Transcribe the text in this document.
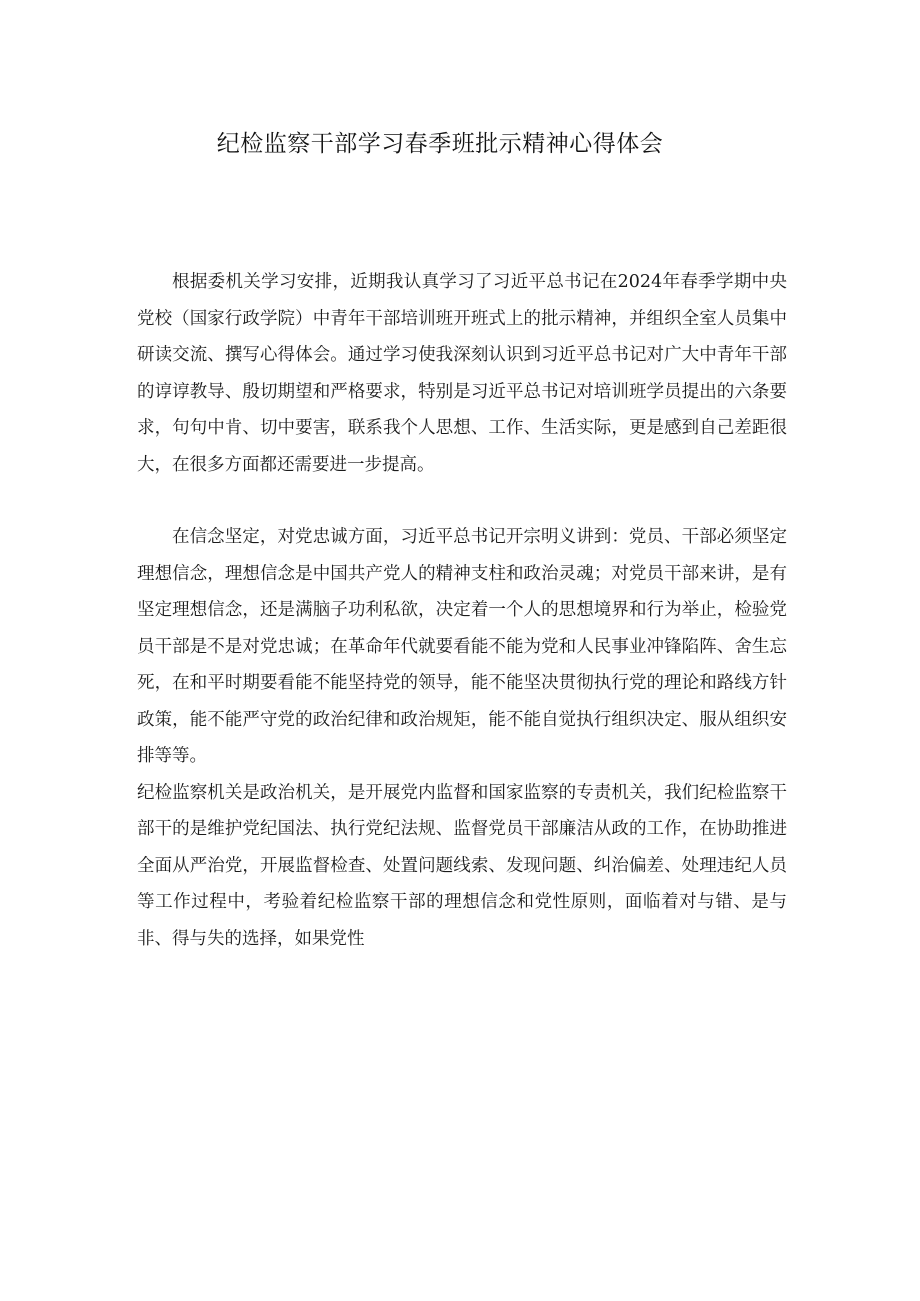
纪检监察干部学习春季班批示精神心得体会

根据委机关学习安排，近期我认真学习了习近平总书记在2024年春季学期中央党校（国家行政学院）中青年干部培训班开班式上的批示精神，并组织全室人员集中研读交流、撰写心得体会。通过学习使我深刻认识到习近平总书记对广大中青年干部的谆谆教导、殷切期望和严格要求，特别是习近平总书记对培训班学员提出的六条要求，句句中肯、切中要害，联系我个人思想、工作、生活实际，更是感到自己差距很大，在很多方面都还需要进一步提高。

在信念坚定，对党忠诚方面，习近平总书记开宗明义讲到：党员、干部必须坚定理想信念，理想信念是中国共产党人的精神支柱和政治灵魂；对党员干部来讲，是有坚定理想信念，还是满脑子功利私欲，决定着一个人的思想境界和行为举止，检验党员干部是不是对党忠诚；在革命年代就要看能不能为党和人民事业冲锋陷阵、舍生忘死，在和平时期要看能不能坚持党的领导，能不能坚决贯彻执行党的理论和路线方针政策，能不能严守党的政治纪律和政治规矩，能不能自觉执行组织决定、服从组织安排等等。

纪检监察机关是政治机关，是开展党内监督和国家监察的专责机关，我们纪检监察干部干的是维护党纪国法、执行党纪法规、监督党员干部廉洁从政的工作，在协助推进全面从严治党，开展监督检查、处置问题线索、发现问题、纠治偏差、处理违纪人员等工作过程中，考验着纪检监察干部的理想信念和党性原则，面临着对与错、是与非、得与失的选择，如果党性
